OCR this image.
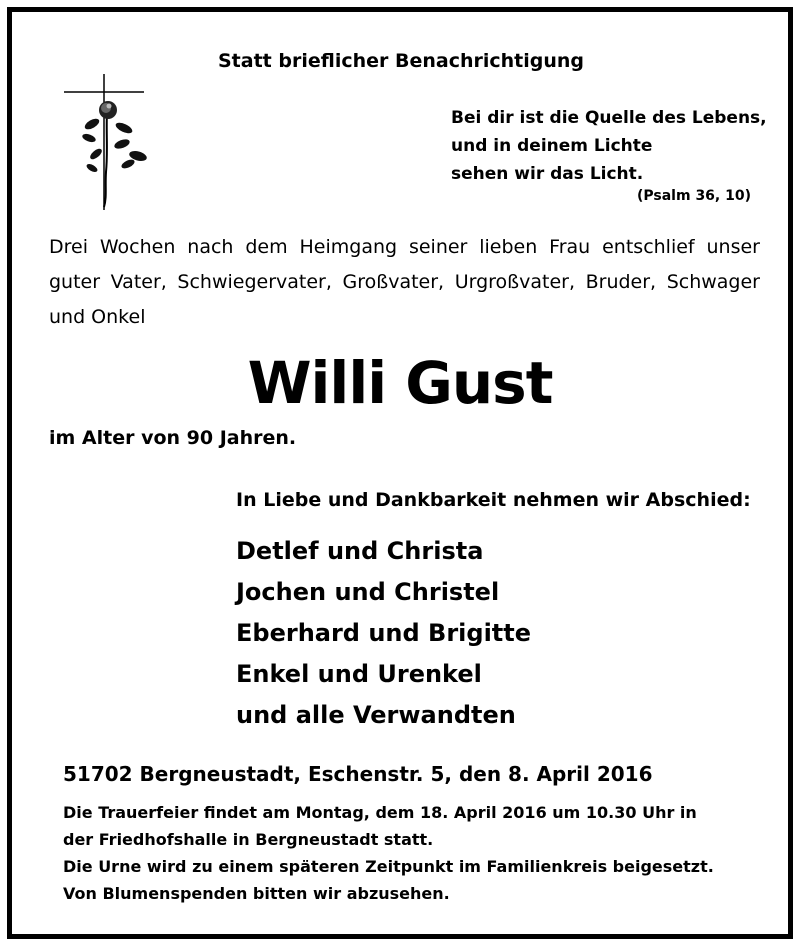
Statt brieflicher Benachrichtigung
Bei dir ist die Quelle des Lebens,
und in deinem Lichte
sehen wir das Licht.
(Psalm 36, 10)
Drei Wochen nach dem Heimgang seiner lieben Frau entschlief unser guter Vater, Schwiegervater, Großvater, Urgroßvater, Bruder, Schwager und Onkel
Willi Gust
im Alter von 90 Jahren.
In Liebe und Dankbarkeit nehmen wir Abschied:
Detlef und Christa
Jochen und Christel
Eberhard und Brigitte
Enkel und Urenkel
und alle Verwandten
51702 Bergneustadt, Eschenstr. 5, den 8. April 2016
Die Trauerfeier findet am Montag, dem 18. April 2016 um 10.30 Uhr in
der Friedhofshalle in Bergneustadt statt.
Die Urne wird zu einem späteren Zeitpunkt im Familienkreis beigesetzt.
Von Blumenspenden bitten wir abzusehen.
